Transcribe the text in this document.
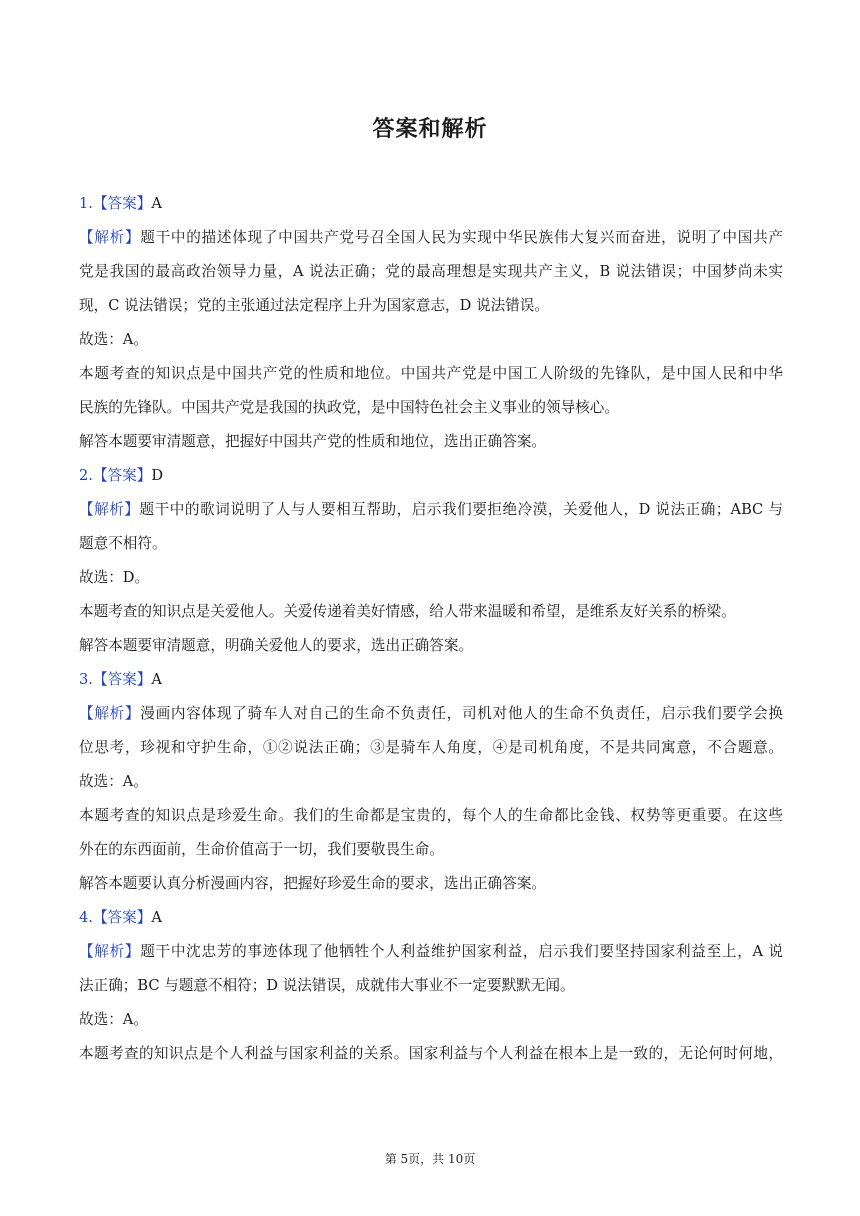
答案和解析
1.【答案】A
【解析】题干中的描述体现了中国共产党号召全国人民为实现中华民族伟大复兴而奋进，说明了中国共产
党是我国的最高政治领导力量，A 说法正确；党的最高理想是实现共产主义，B 说法错误；中国梦尚未实
现，C 说法错误；党的主张通过法定程序上升为国家意志，D 说法错误。
故选：A。
本题考查的知识点是中国共产党的性质和地位。中国共产党是中国工人阶级的先锋队，是中国人民和中华
民族的先锋队。中国共产党是我国的执政党，是中国特色社会主义事业的领导核心。
解答本题要审清题意，把握好中国共产党的性质和地位，选出正确答案。
2.【答案】D
【解析】题干中的歌词说明了人与人要相互帮助，启示我们要拒绝冷漠，关爱他人，D 说法正确；ABC 与
题意不相符。
故选：D。
本题考查的知识点是关爱他人。关爱传递着美好情感，给人带来温暖和希望，是维系友好关系的桥梁。
解答本题要审清题意，明确关爱他人的要求，选出正确答案。
3.【答案】A
【解析】漫画内容体现了骑车人对自己的生命不负责任，司机对他人的生命不负责任，启示我们要学会换
位思考，珍视和守护生命，①②说法正确；③是骑车人角度，④是司机角度，不是共同寓意，不合题意。
故选：A。
本题考查的知识点是珍爱生命。我们的生命都是宝贵的，每个人的生命都比金钱、权势等更重要。在这些
外在的东西面前，生命价值高于一切，我们要敬畏生命。
解答本题要认真分析漫画内容，把握好珍爱生命的要求，选出正确答案。
4.【答案】A
【解析】题干中沈忠芳的事迹体现了他牺牲个人利益维护国家利益，启示我们要坚持国家利益至上，A 说
法正确；BC 与题意不相符；D 说法错误，成就伟大事业不一定要默默无闻。
故选：A。
本题考查的知识点是个人利益与国家利益的关系。国家利益与个人利益在根本上是一致的，无论何时何地，
第 5页，共 10页
